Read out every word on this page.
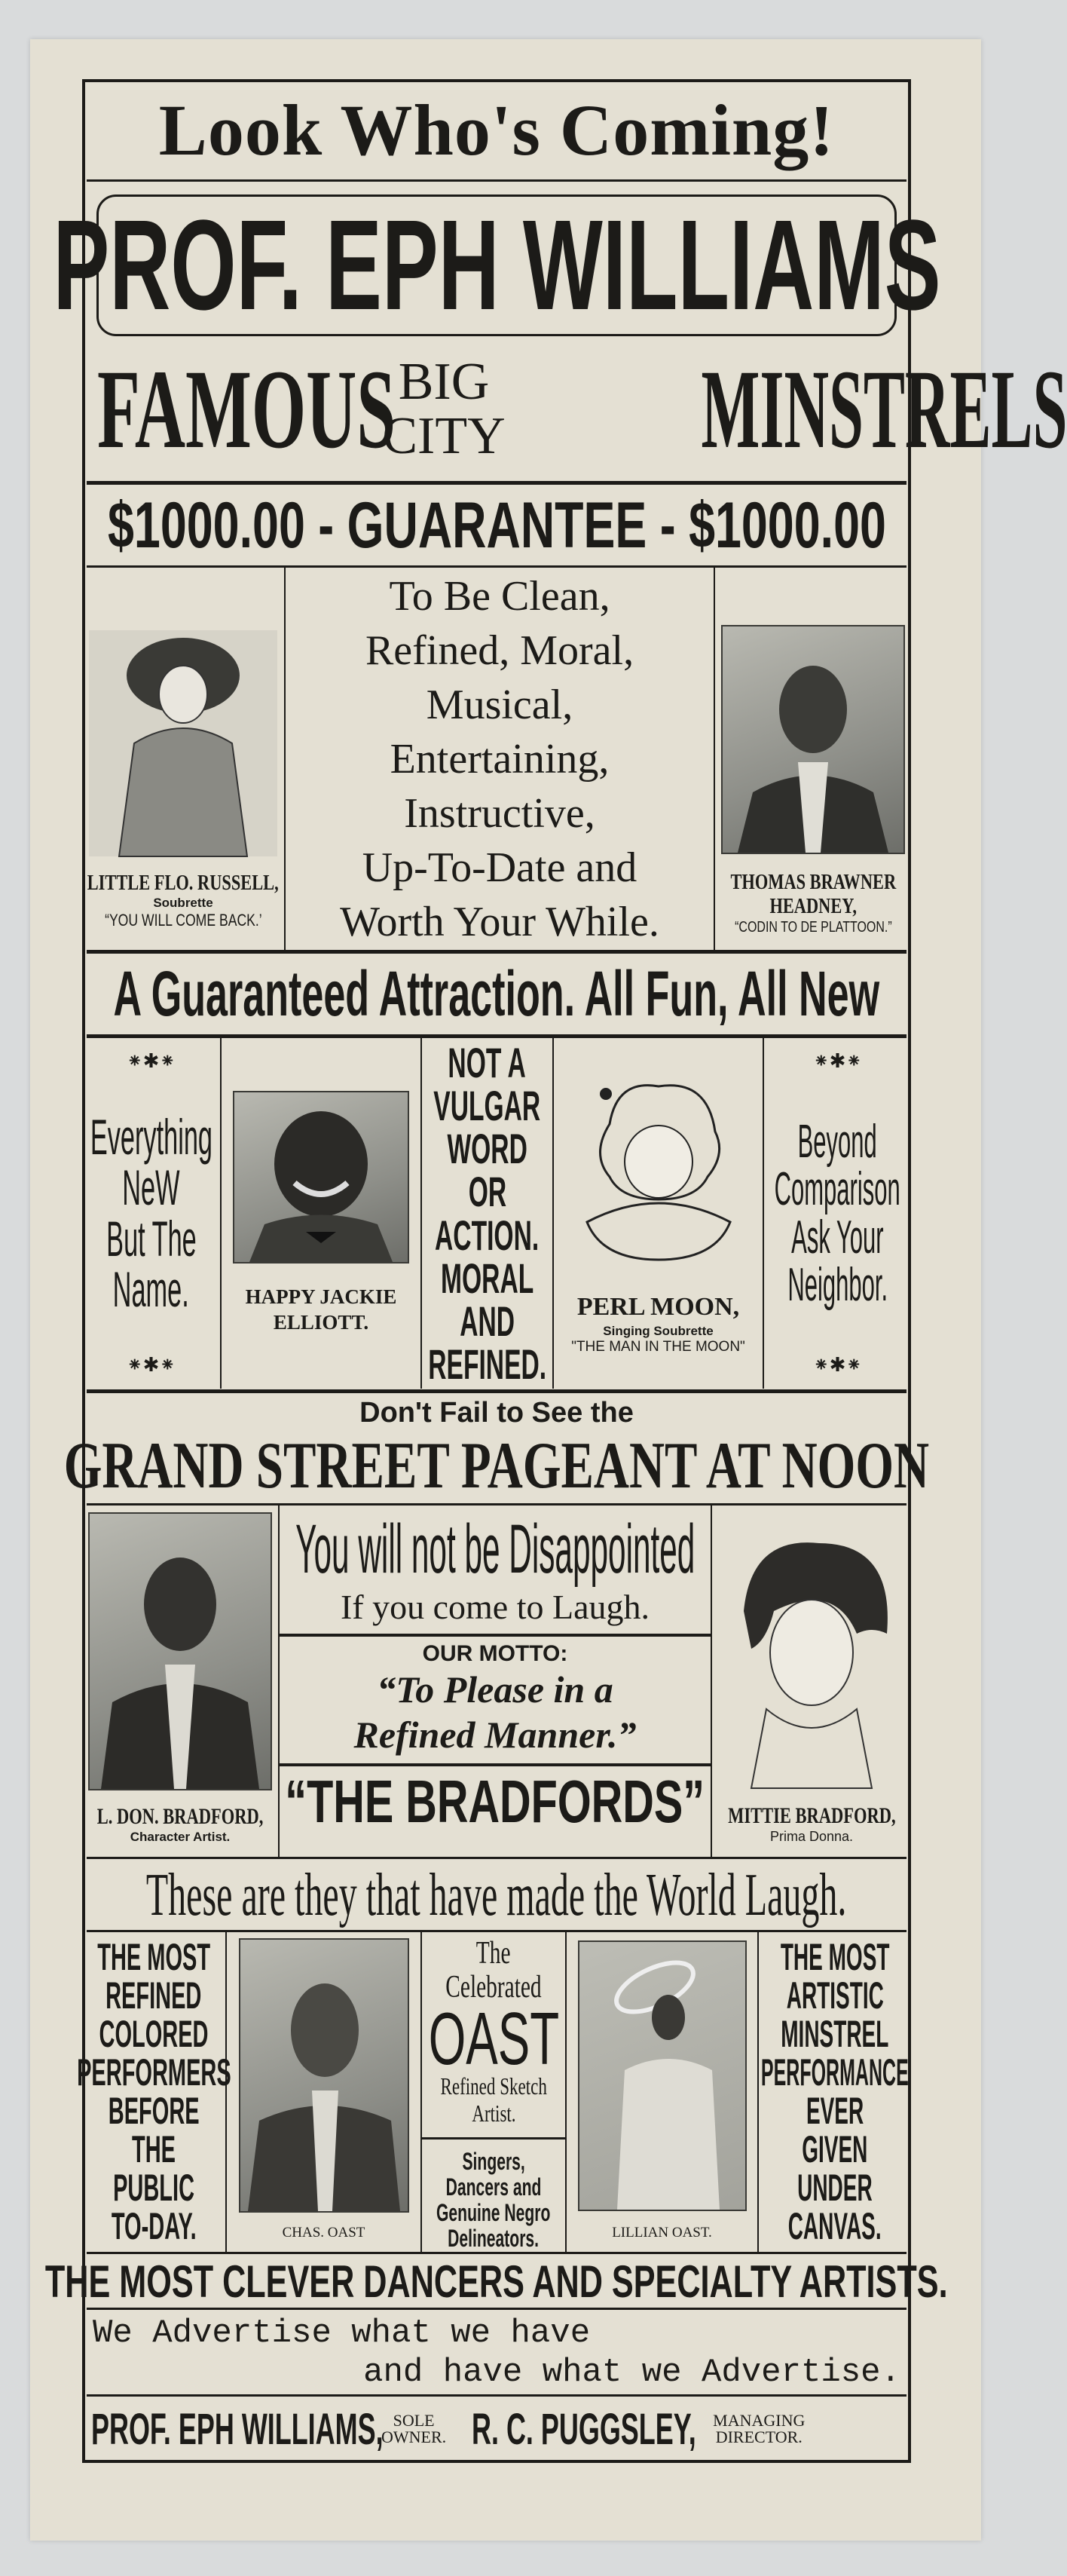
Look Who's Coming!
PROF. EPH WILLIAMS
FAMOUS BIG
CITY MINSTRELS
$1000.00 - GUARANTEE - $1000.00
LITTLE FLO. RUSSELL,
Soubrette
“YOU WILL COME BACK.’
To Be Clean,
Refined, Moral,
Musical,
Entertaining,
Instructive,
Up-To-Date and
Worth Your While.
THOMAS BRAWNER
HEADNEY,
“CODIN TO DE PLATTOON.”
A Guaranteed Attraction. All Fun, All New
⁕✱⁕
Everything
NeW
But The
Name.
⁕✱⁕
HAPPY JACKIE
ELLIOTT.
NOT A
VULGAR
WORD
OR
ACTION.
MORAL
AND
REFINED.
PERL MOON,
Singing Soubrette
"THE MAN IN THE MOON"
⁕✱⁕
Beyond
Comparison
Ask Your
Neighbor.
⁕✱⁕
Don't Fail to See the
GRAND STREET PAGEANT AT NOON
L. DON. BRADFORD,
Character Artist.
You will not be Disappointed
If you come to Laugh.
OUR MOTTO:
“To Please in a
Refined Manner.”
“THE BRADFORDS” MITTIE BRADFORD,
Prima Donna.
These are they that have made the World Laugh.
THE MOST
REFINED
COLORED
PERFORMERS
BEFORE
THE
PUBLIC
TO-DAY.	CHAS. OAST
The
Celebrated
OAST
Refined Sketch
Artist.
Singers,
Dancers and
Genuine Negro
Delineators.	LILLIAN OAST.
THE MOST
ARTISTIC
MINSTREL
PERFORMANCE
EVER
GIVEN
UNDER
CANVAS.
THE MOST CLEVER DANCERS AND SPECIALTY ARTISTS.
We Advertise what we have
and have what we Advertise.
PROF. EPH WILLIAMS, SOLE
OWNER. R. C. PUGGSLEY, MANAGING
DIRECTOR.
